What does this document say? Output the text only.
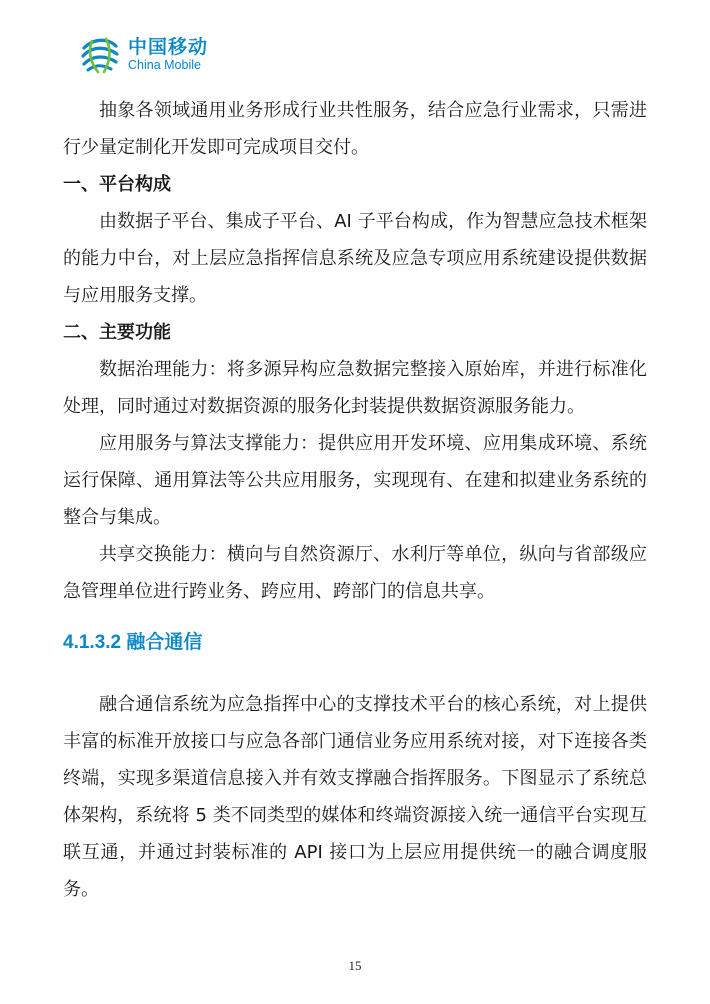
中国移动
China Mobile

抽象各领域通用业务形成行业共性服务，结合应急行业需求，只需进行少量定制化开发即可完成项目交付。

一、平台构成

由数据子平台、集成子平台、AI 子平台构成，作为智慧应急技术框架的能力中台，对上层应急指挥信息系统及应急专项应用系统建设提供数据与应用服务支撑。

二、主要功能

数据治理能力：将多源异构应急数据完整接入原始库，并进行标准化处理，同时通过对数据资源的服务化封装提供数据资源服务能力。

应用服务与算法支撑能力：提供应用开发环境、应用集成环境、系统运行保障、通用算法等公共应用服务，实现现有、在建和拟建业务系统的整合与集成。

共享交换能力：横向与自然资源厅、水利厅等单位，纵向与省部级应急管理单位进行跨业务、跨应用、跨部门的信息共享。

4.1.3.2 融合通信

融合通信系统为应急指挥中心的支撑技术平台的核心系统，对上提供丰富的标准开放接口与应急各部门通信业务应用系统对接，对下连接各类终端，实现多渠道信息接入并有效支撑融合指挥服务。下图显示了系统总体架构，系统将 5 类不同类型的媒体和终端资源接入统一通信平台实现互联互通，并通过封装标准的 API 接口为上层应用提供统一的融合调度服务。

15
